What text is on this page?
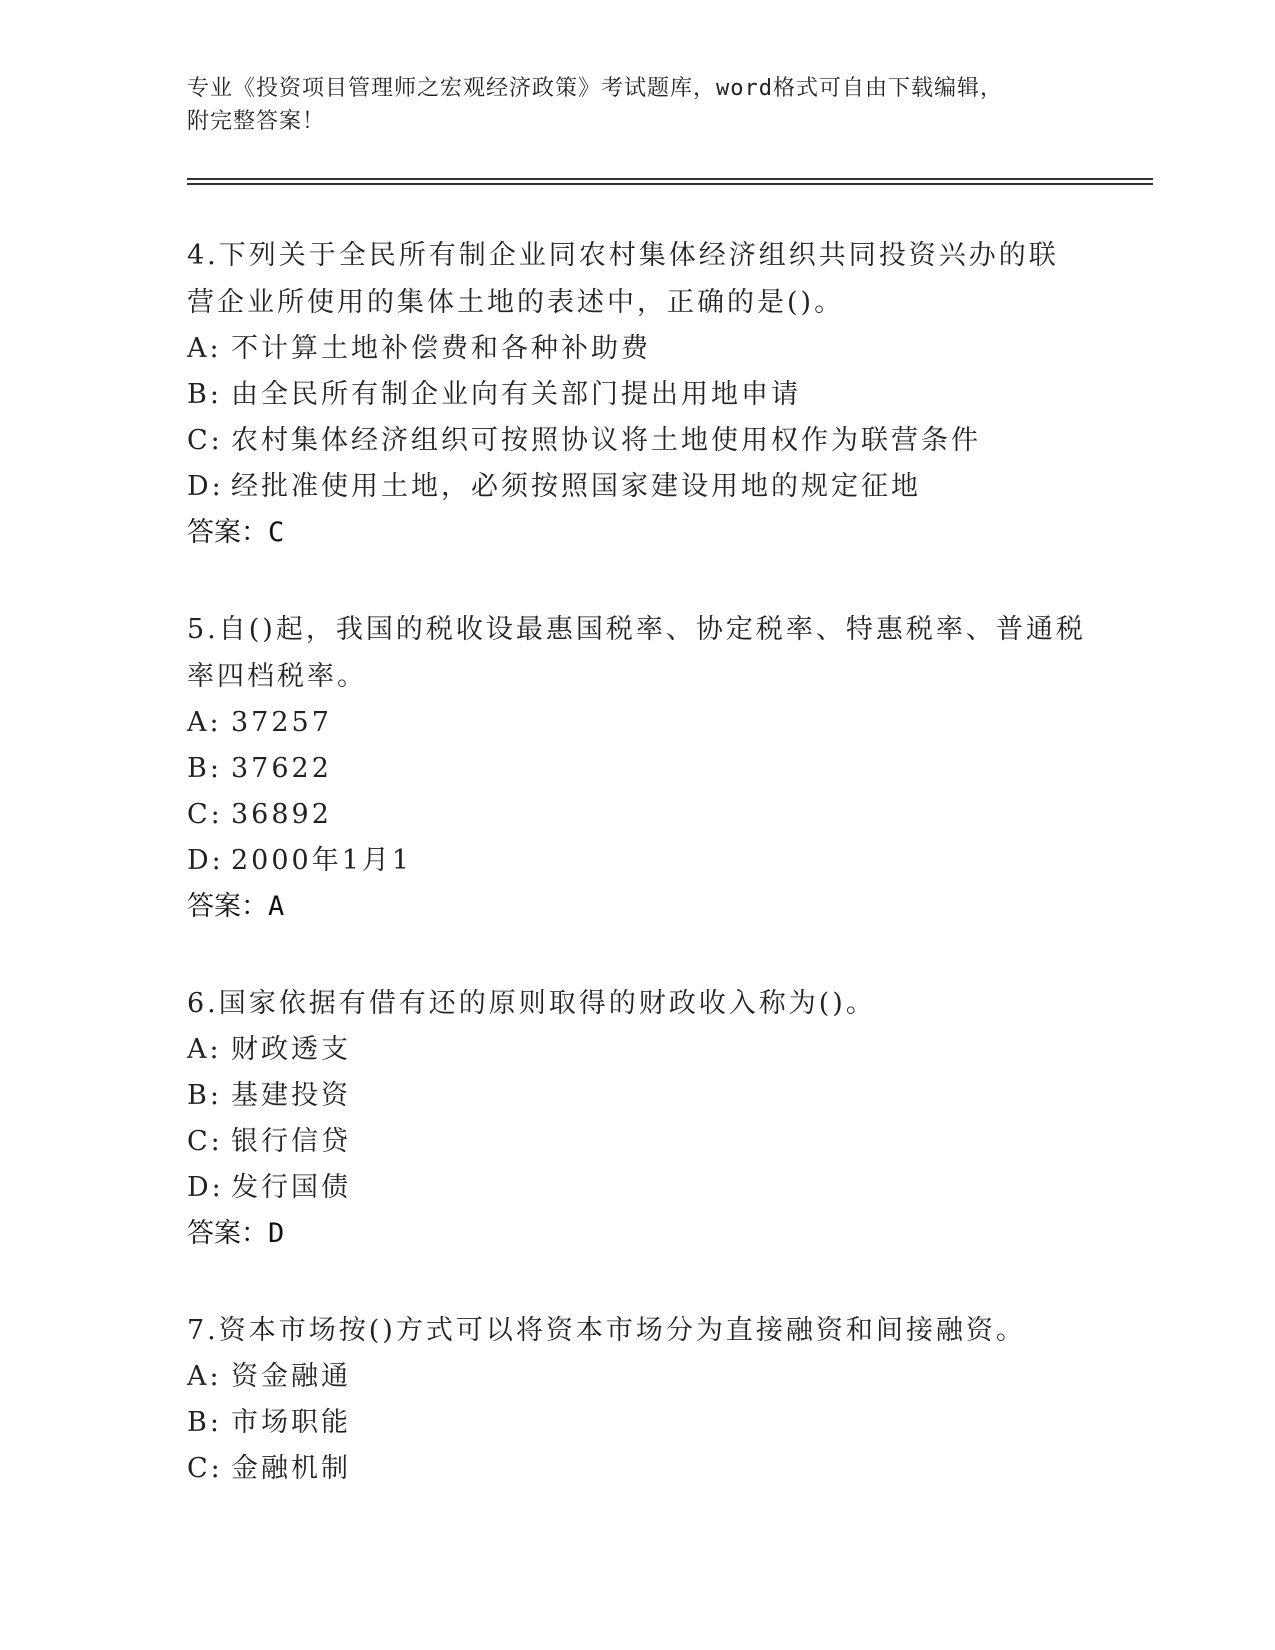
专业《投资项目管理师之宏观经济政策》考试题库，word格式可自由下载编辑，
附完整答案！

4.下列关于全民所有制企业同农村集体经济组织共同投资兴办的联营企业所使用的集体土地的表述中，正确的是()。

A: 不计算土地补偿费和各种补助费
B: 由全民所有制企业向有关部门提出用地申请
C: 农村集体经济组织可按照协议将土地使用权作为联营条件
D: 经批准使用土地，必须按照国家建设用地的规定征地
答案：C

5.自()起，我国的税收设最惠国税率、协定税率、特惠税率、普通税率四档税率。

A: 37257
B: 37622
C: 36892
D: 2000年1月1
答案：A

6.国家依据有借有还的原则取得的财政收入称为()。

A: 财政透支
B: 基建投资
C: 银行信贷
D: 发行国债
答案：D

7.资本市场按()方式可以将资本市场分为直接融资和间接融资。

A: 资金融通
B: 市场职能
C: 金融机制
